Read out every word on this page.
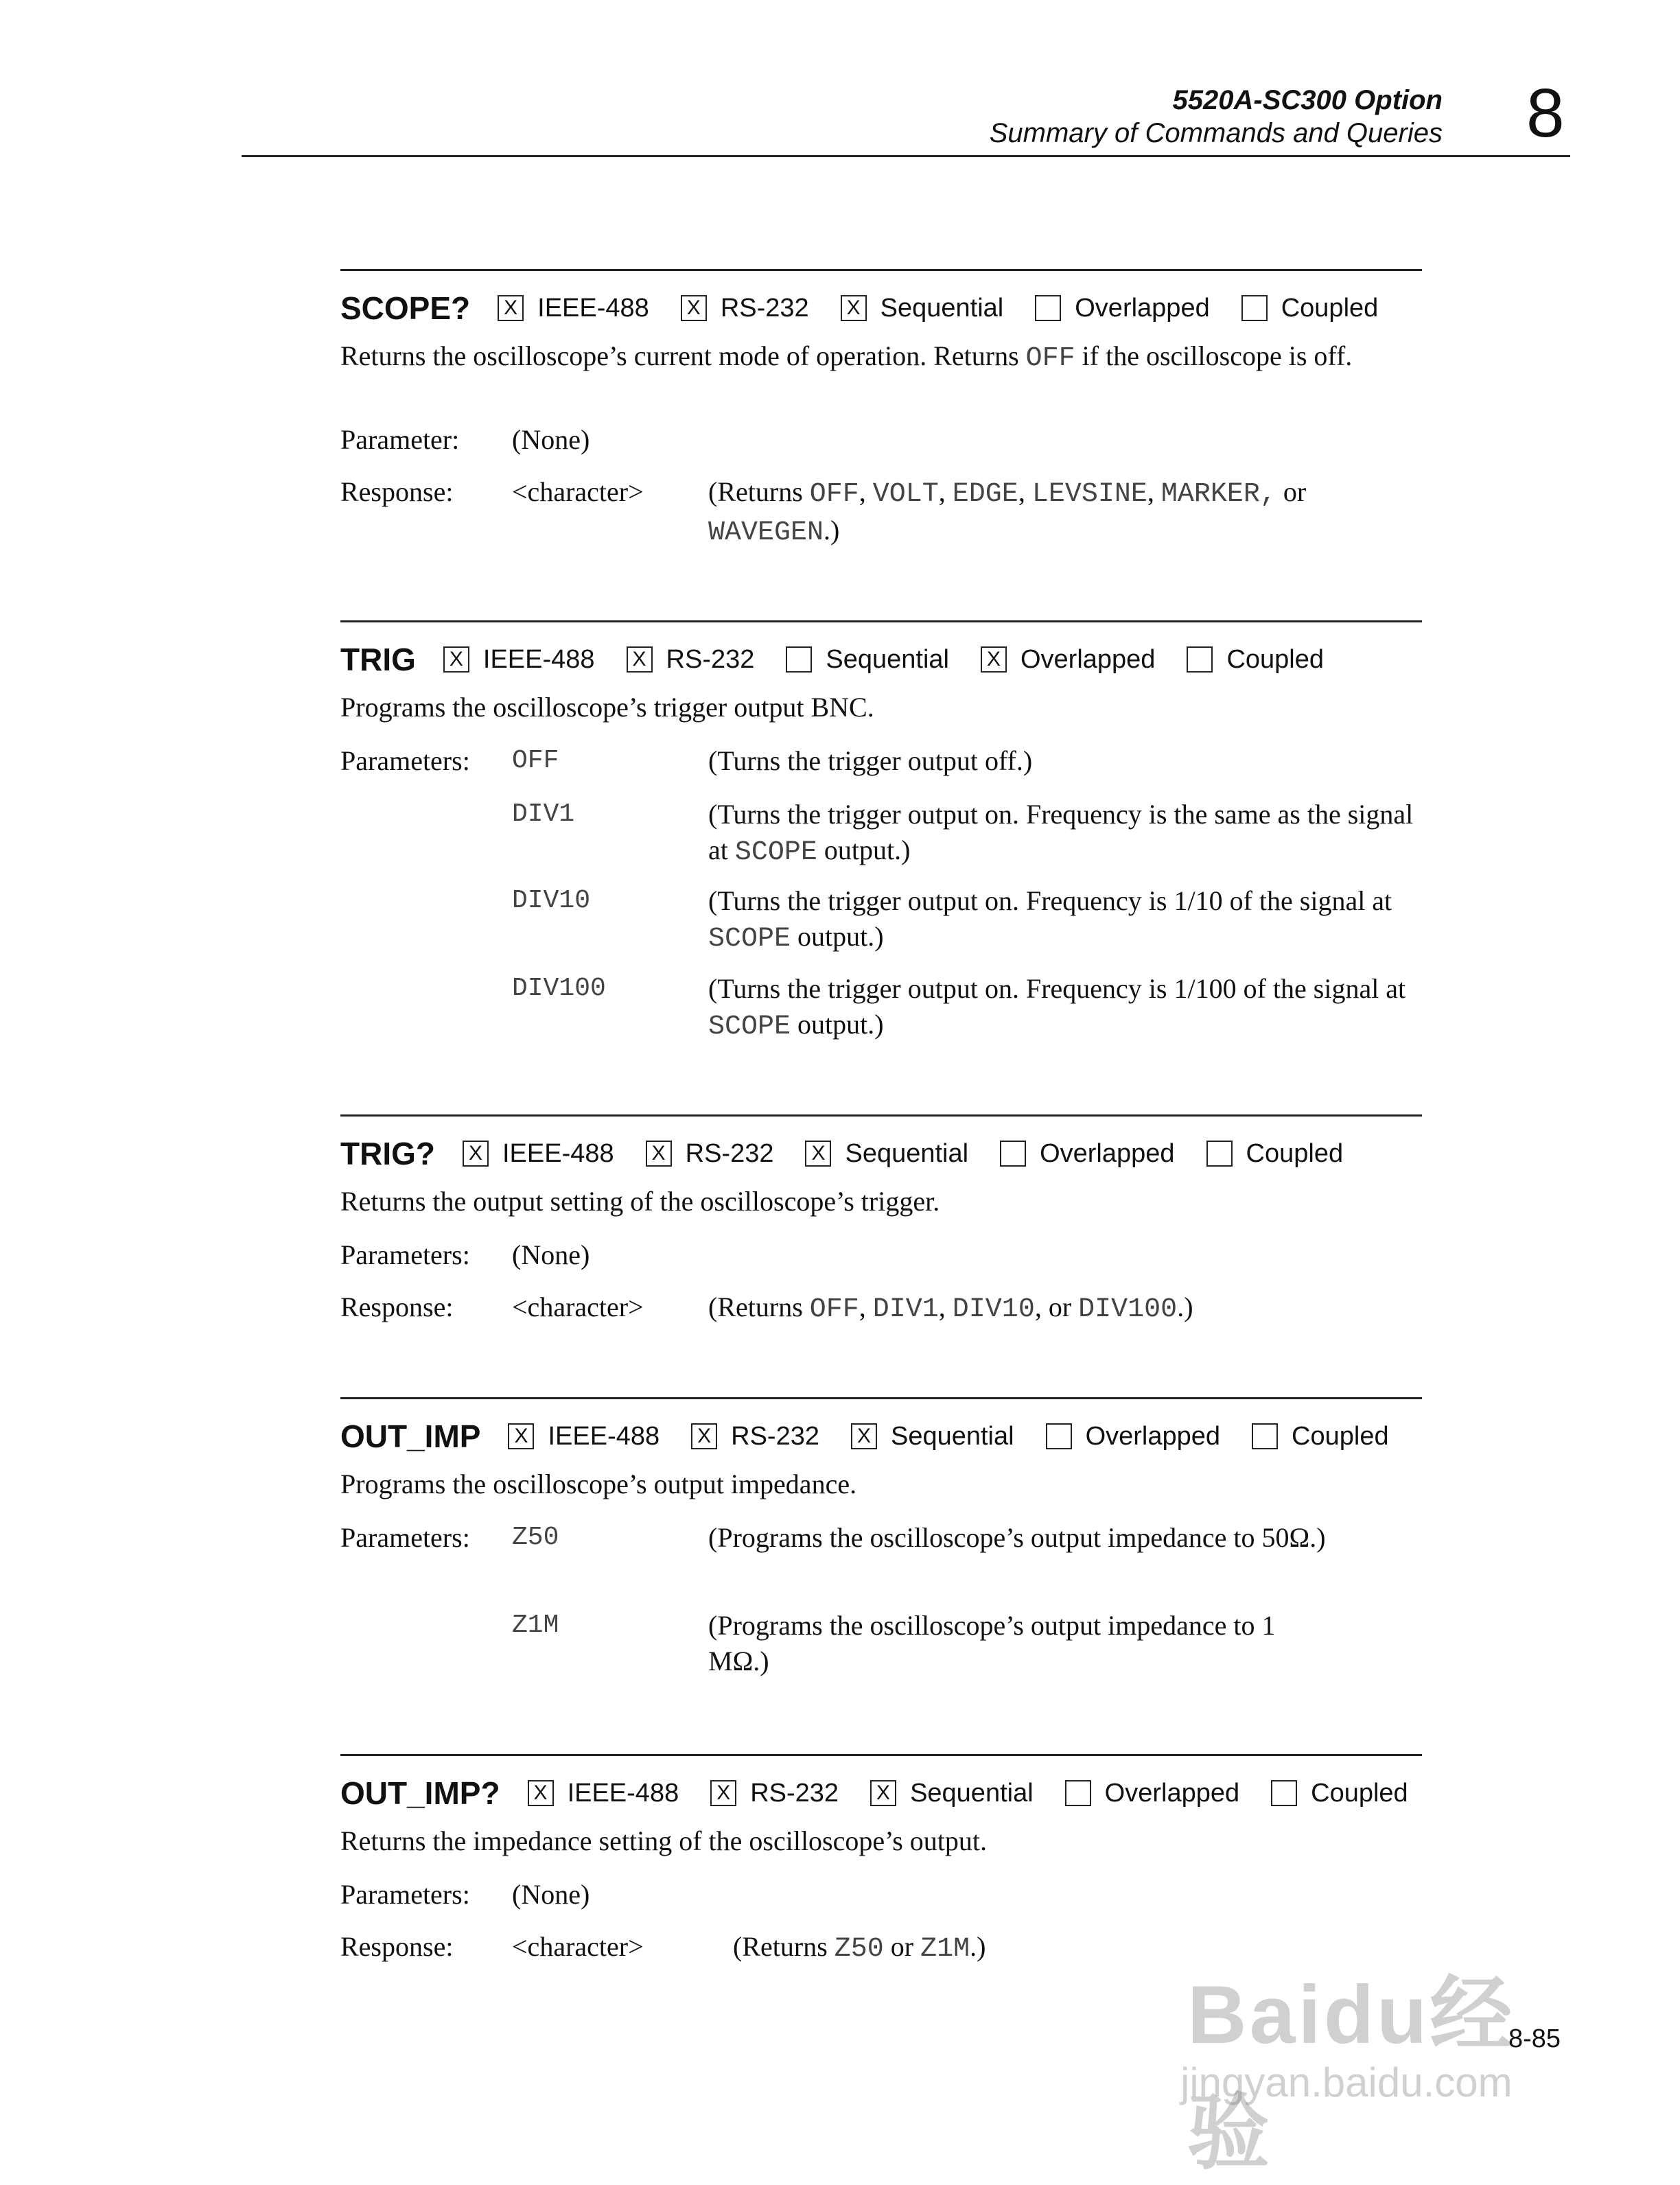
5520A-SC300 Option
Summary of Commands and Queries 8
SCOPE? X IEEE-488 X RS-232 X Sequential	Overlapped	Coupled
Returns the oscilloscope’s current mode of operation. Returns OFF if the oscilloscope is off.
Parameter: (None)
Response: <character> (Returns OFF, VOLT, EDGE, LEVSINE, MARKER, or WAVEGEN.)
TRIG X IEEE-488 X RS-232	Sequential X Overlapped	Coupled
Programs the oscilloscope’s trigger output BNC.
Parameters: OFF	(Turns the trigger output off.)
DIV1	(Turns the trigger output on. Frequency is the same as the signal at SCOPE output.)
DIV10	(Turns the trigger output on. Frequency is 1/10 of the signal at SCOPE output.)
DIV100	(Turns the trigger output on. Frequency is 1/100 of the signal at SCOPE output.)
TRIG? X IEEE-488 X RS-232 X Sequential	Overlapped	Coupled
Returns the output setting of the oscilloscope’s trigger.
Parameters: (None)
Response: <character> (Returns OFF, DIV1, DIV10, or DIV100.)
OUT_IMP X IEEE-488 X RS-232 X Sequential	Overlapped	Coupled
Programs the oscilloscope’s output impedance.
Parameters: Z50	(Programs the oscilloscope’s output impedance to 50Ω.)
Z1M	(Programs the oscilloscope’s output impedance to 1 MΩ.)
OUT_IMP? X IEEE-488 X RS-232 X Sequential	Overlapped	Coupled
Returns the impedance setting of the oscilloscope’s output.
Parameters: (None)
Response: <character>	(Returns Z50 or Z1M.)
Baidu经验
jingyan.baidu.com
8-85
